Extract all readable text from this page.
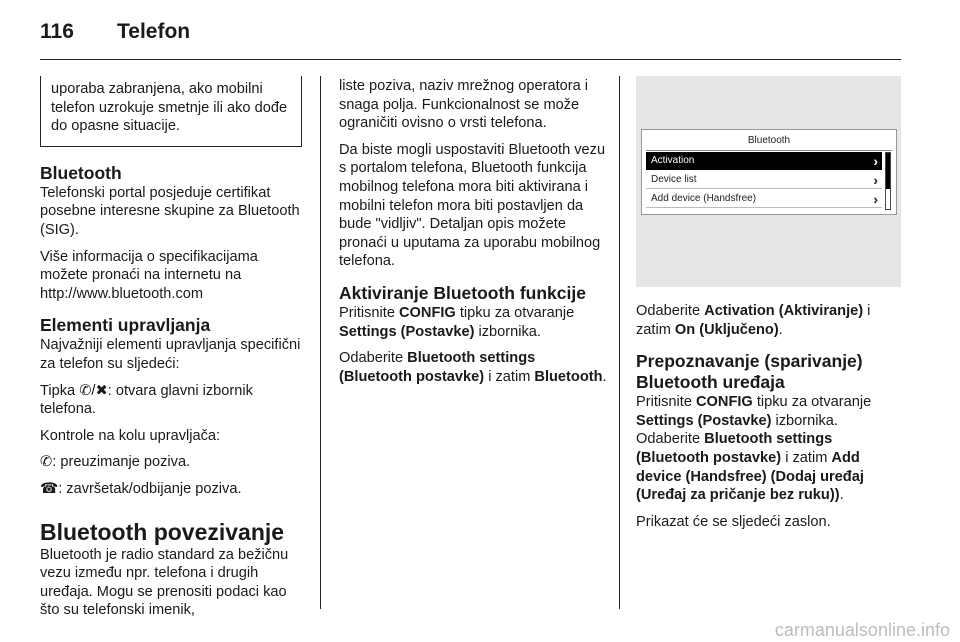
116 Telefon
uporaba zabranjena, ako mobilni telefon uzrokuje smetnje ili ako dođe do opasne situacije.
Bluetooth

Telefonski portal posjeduje certifikat posebne interesne skupine za Bluetooth (SIG).

Više informacija o specifikacijama možete pronaći na internetu na http://www.bluetooth.com

Elementi upravljanja

Najvažniji elementi upravljanja specifični za telefon su sljedeći:

Tipka ✆/✖: otvara glavni izbornik telefona.

Kontrole na kolu upravljača:

✆: preuzimanje poziva.

☎: završetak/odbijanje poziva.

Bluetooth povezivanje

Bluetooth je radio standard za bežičnu vezu između npr. telefona i drugih uređaja. Mogu se prenositi podaci kao što su telefonski imenik,

liste poziva, naziv mrežnog operatora i snaga polja. Funkcionalnost se može ograničiti ovisno o vrsti telefona.

Da biste mogli uspostaviti Bluetooth vezu s portalom telefona, Bluetooth funkcija mobilnog telefona mora biti aktivirana i mobilni telefon mora biti postavljen da bude "vidljiv". Detaljan opis možete pronaći u uputama za uporabu mobilnog telefona.

Aktiviranje Bluetooth funkcije

Pritisnite CONFIG tipku za otvaranje Settings (Postavke) izbornika.

Odaberite Bluetooth settings (Bluetooth postavke) i zatim Bluetooth.

Bluetooth
Activation	›
Device list	›
Add device (Handsfree)	›

Odaberite Activation (Aktiviranje) i zatim On (Uključeno).

Prepoznavanje (sparivanje) Bluetooth uređaja

Pritisnite CONFIG tipku za otvaranje Settings (Postavke) izbornika. Odaberite Bluetooth settings (Bluetooth postavke) i zatim Add device (Handsfree) (Dodaj uređaj (Uređaj za pričanje bez ruku)).

Prikazat će se sljedeći zaslon.

carmanualsonline.info
